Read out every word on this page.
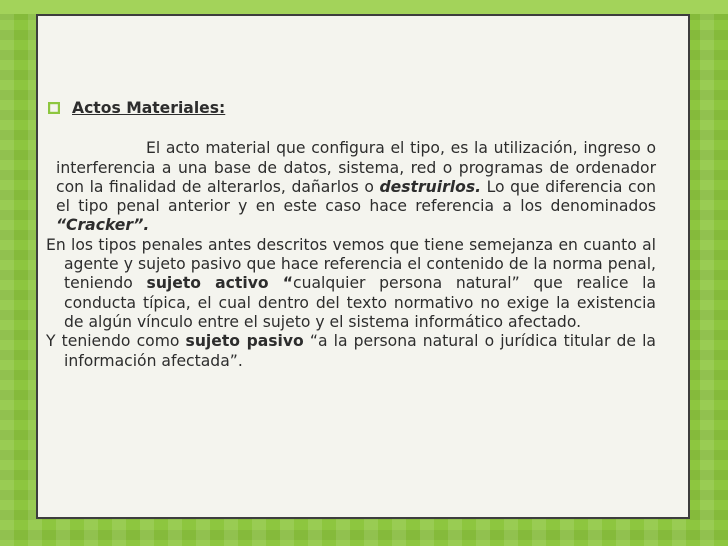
Actos Materiales:

El acto material que configura el tipo, es la utilización, ingreso o interferencia a una base de datos, sistema, red o programas de ordenador con la finalidad de alterarlos, dañarlos o destruirlos. Lo que diferencia con el tipo penal anterior y en este caso hace referencia a los denominados “Cracker”.

En los tipos penales antes descritos vemos que tiene semejanza en cuanto al agente y sujeto pasivo que hace referencia el contenido de la norma penal, teniendo sujeto activo “cualquier persona natural” que realice la conducta típica, el cual dentro del texto normativo no exige la existencia de algún vínculo entre el sujeto y el sistema informático afectado.

Y teniendo como sujeto pasivo “a la persona natural o jurídica titular de la información afectada”.
